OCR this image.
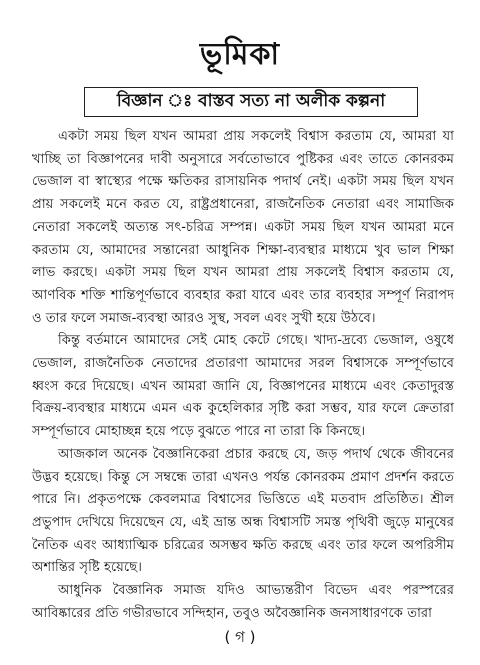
ভূমিকা
বিজ্ঞান ঃ বাস্তব সত্য না অলীক কল্পনা

একটা সময় ছিল যখন আমরা প্রায় সকলেই বিশ্বাস করতাম যে, আমরা যা খাচ্ছি তা বিজ্ঞাপনের দাবী অনুসারে সর্বতোভাবে পুষ্টিকর এবং তাতে কোনরকম ভেজাল বা স্বাস্থ্যের পক্ষে ক্ষতিকর রাসায়নিক পদার্থ নেই। একটা সময় ছিল যখন প্রায় সকলেই মনে করত যে, রাষ্ট্রপ্রধানেরা, রাজনৈতিক নেতারা এবং সামাজিক নেতারা সকলেই অত্যন্ত সৎ-চরিত্র সম্পন্ন। একটা সময় ছিল যখন আমরা মনে করতাম যে, আমাদের সন্তানেরা আধুনিক শিক্ষা-ব্যবস্থার মাধ্যমে খুব ভাল শিক্ষা লাভ করছে। একটা সময় ছিল যখন আমরা প্রায় সকলেই বিশ্বাস করতাম যে, আণবিক শক্তি শান্তিপূর্ণভাবে ব্যবহার করা যাবে এবং তার ব্যবহার সম্পূর্ণ নিরাপদ ও তার ফলে সমাজ-ব্যবস্থা আরও সুস্থ, সবল এবং সুখী হয়ে উঠবে।

কিন্তু বর্তমানে আমাদের সেই মোহ কেটে গেছে। খাদ্য-দ্রব্যে ভেজাল, ওষুধে ভেজাল, রাজনৈতিক নেতাদের প্রতারণা আমাদের সরল বিশ্বাসকে সম্পূর্ণভাবে ধ্বংস করে দিয়েছে। এখন আমরা জানি যে, বিজ্ঞাপনের মাধ্যমে এবং কেতাদুরস্ত বিক্রয়-ব্যবস্থার মাধ্যমে এমন এক কুহেলিকার সৃষ্টি করা সম্ভব, যার ফলে ক্রেতারা সম্পূর্ণভাবে মোহাচ্ছন্ন হয়ে পড়ে বুঝতে পারে না তারা কি কিনছে।

আজকাল অনেক বৈজ্ঞানিকেরা প্রচার করছে যে, জড় পদার্থ থেকে জীবনের উদ্ভব হয়েছে। কিন্তু সে সম্বন্ধে তারা এখনও পর্যন্ত কোনরকম প্রমাণ প্রদর্শন করতে পারে নি। প্রকৃতপক্ষে কেবলমাত্র বিশ্বাসের ভিত্তিতে এই মতবাদ প্রতিষ্ঠিত। শ্রীল প্রভুপাদ দেখিয়ে দিয়েছেন যে, এই ভ্রান্ত অন্ধ বিশ্বাসটি সমস্ত পৃথিবী জুড়ে মানুষের নৈতিক এবং আধ্যাত্মিক চরিত্রের অসম্ভব ক্ষতি করছে এবং তার ফলে অপরিসীম অশান্তির সৃষ্টি হয়েছে।

আধুনিক বৈজ্ঞানিক সমাজ যদিও আভ্যন্তরীণ বিভেদ এবং পরস্পরের আবিষ্কারের প্রতি গভীরভাবে সন্দিহান, তবুও অবৈজ্ঞানিক জনসাধারণকে তারা

( গ )
